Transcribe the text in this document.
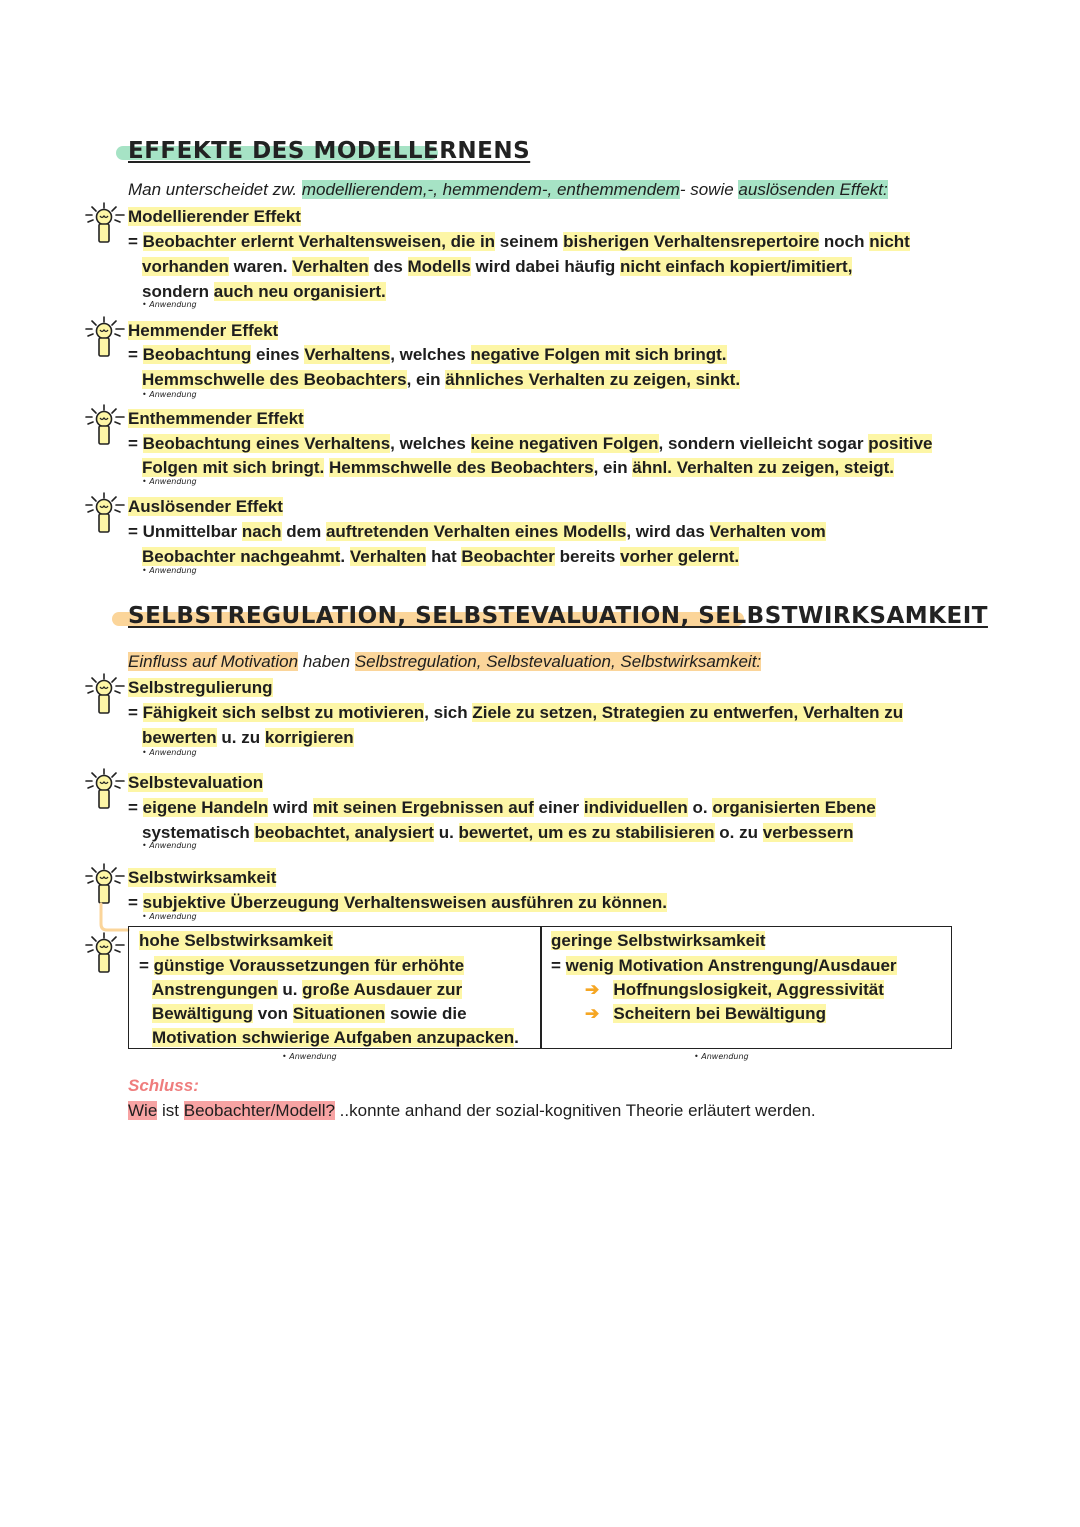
EFFEKTE DES MODELLERNENS
Man unterscheidet zw. modellierendem,-, hemmendem-, enthemmendem- sowie auslösenden Effekt:
Modellierender Effekt
= Beobachter erlernt Verhaltensweisen, die in seinem bisherigen Verhaltensrepertoire noch nicht
vorhanden waren. Verhalten des Modells wird dabei häufig nicht einfach kopiert/imitiert,
sondern auch neu organisiert.
• Anwendung
Hemmender Effekt
= Beobachtung eines Verhaltens, welches negative Folgen mit sich bringt.
Hemmschwelle des Beobachters, ein ähnliches Verhalten zu zeigen, sinkt.
• Anwendung
Enthemmender Effekt
= Beobachtung eines Verhaltens, welches keine negativen Folgen, sondern vielleicht sogar positive
Folgen mit sich bringt. Hemmschwelle des Beobachters, ein ähnl. Verhalten zu zeigen, steigt.
• Anwendung
Auslösender Effekt
= Unmittelbar nach dem auftretenden Verhalten eines Modells, wird das Verhalten vom
Beobachter nachgeahmt. Verhalten hat Beobachter bereits vorher gelernt.
• Anwendung
SELBSTREGULATION, SELBSTEVALUATION, SELBSTWIRKSAMKEIT
Einfluss auf Motivation haben Selbstregulation, Selbstevaluation, Selbstwirksamkeit:
Selbstregulierung
= Fähigkeit sich selbst zu motivieren, sich Ziele zu setzen, Strategien zu entwerfen, Verhalten zu
bewerten u. zu korrigieren
• Anwendung
Selbstevaluation
= eigene Handeln wird mit seinen Ergebnissen auf einer individuellen o. organisierten Ebene
systematisch beobachtet, analysiert u. bewertet, um es zu stabilisieren o. zu verbessern
• Anwendung
Selbstwirksamkeit
= subjektive Überzeugung Verhaltensweisen ausführen zu können.
• Anwendung
hohe Selbstwirksamkeit
= günstige Voraussetzungen für erhöhte
Anstrengungen u. große Ausdauer zur
Bewältigung von Situationen sowie die
Motivation schwierige Aufgaben anzupacken.
geringe Selbstwirksamkeit
= wenig Motivation Anstrengung/Ausdauer
➔ Hoffnungslosigkeit, Aggressivität
➔ Scheitern bei Bewältigung
• Anwendung	• Anwendung
Schluss:
Wie ist Beobachter/Modell? ..konnte anhand der sozial-kognitiven Theorie erläutert werden.
